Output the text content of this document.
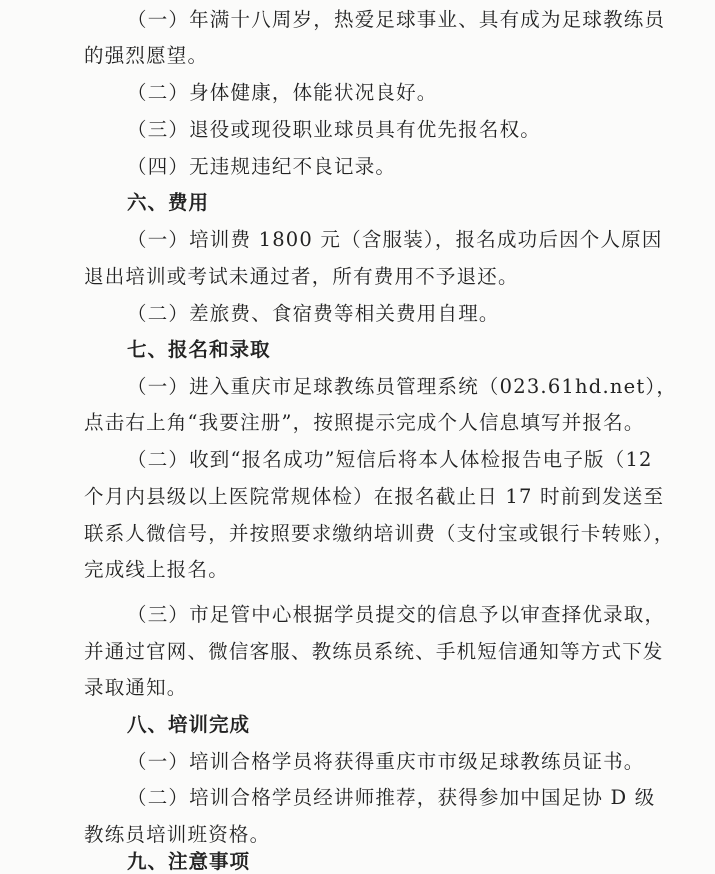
（一）年满十八周岁，热爱足球事业、具有成为足球教练员
的强烈愿望。
（二）身体健康，体能状况良好。
（三）退役或现役职业球员具有优先报名权。
（四）无违规违纪不良记录。
六、费用
（一）培训费 1800 元（含服装），报名成功后因个人原因
退出培训或考试未通过者，所有费用不予退还。
（二）差旅费、食宿费等相关费用自理。
七、报名和录取
（一）进入重庆市足球教练员管理系统（023.61hd.net），
点击右上角“我要注册”，按照提示完成个人信息填写并报名。
（二）收到“报名成功”短信后将本人体检报告电子版（12
个月内县级以上医院常规体检）在报名截止日 17 时前到发送至
联系人微信号，并按照要求缴纳培训费（支付宝或银行卡转账），
完成线上报名。
（三）市足管中心根据学员提交的信息予以审查择优录取，
并通过官网、微信客服、教练员系统、手机短信通知等方式下发
录取通知。
八、培训完成
（一）培训合格学员将获得重庆市市级足球教练员证书。
（二）培训合格学员经讲师推荐，获得参加中国足协 D 级
教练员培训班资格。
九、注意事项
